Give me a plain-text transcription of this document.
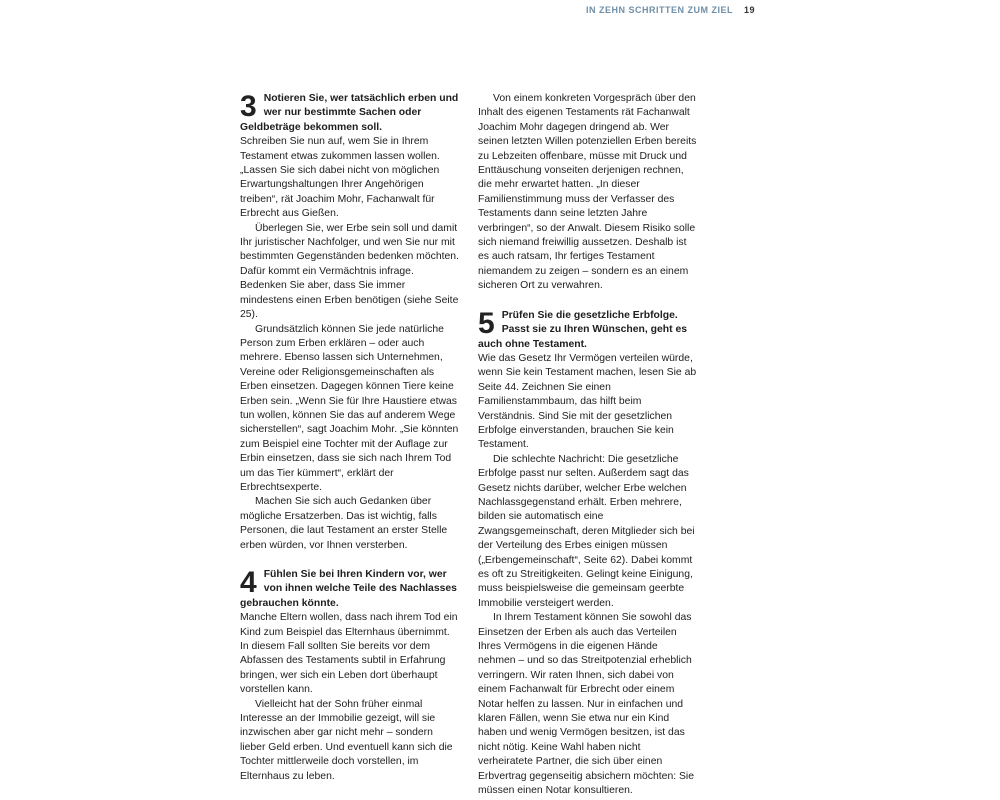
IN ZEHN SCHRITTEN ZUM ZIEL 19

3 Notieren Sie, wer tatsächlich erben und wer nur bestimmte Sachen oder Geldbeträge bekommen soll.

Schreiben Sie nun auf, wem Sie in Ihrem Testament etwas zukommen lassen wollen. „Lassen Sie sich dabei nicht von möglichen Erwartungshaltungen Ihrer Angehörigen treiben“, rät Joachim Mohr, Fachanwalt für Erbrecht aus Gießen.

Überlegen Sie, wer Erbe sein soll und damit Ihr juristischer Nachfolger, und wen Sie nur mit bestimmten Gegenständen bedenken möchten. Dafür kommt ein Vermächtnis infrage. Bedenken Sie aber, dass Sie immer mindestens einen Erben benötigen (siehe Seite 25).

Grundsätzlich können Sie jede natürliche Person zum Erben erklären – oder auch mehrere. Ebenso lassen sich Unternehmen, Vereine oder Religionsgemeinschaften als Erben einsetzen. Dagegen können Tiere keine Erben sein. „Wenn Sie für Ihre Haustiere etwas tun wollen, können Sie das auf anderem Wege sicherstellen“, sagt Joachim Mohr. „Sie könnten zum Beispiel eine Tochter mit der Auflage zur Erbin einsetzen, dass sie sich nach Ihrem Tod um das Tier kümmert“, erklärt der Erbrechtsexperte.

Machen Sie sich auch Gedanken über mögliche Ersatzerben. Das ist wichtig, falls Personen, die laut Testament an erster Stelle erben würden, vor Ihnen versterben.

4 Fühlen Sie bei Ihren Kindern vor, wer von ihnen welche Teile des Nachlasses gebrauchen könnte.

Manche Eltern wollen, dass nach ihrem Tod ein Kind zum Beispiel das Elternhaus übernimmt. In diesem Fall sollten Sie bereits vor dem Abfassen des Testaments subtil in Erfahrung bringen, wer sich ein Leben dort überhaupt vorstellen kann.

Vielleicht hat der Sohn früher einmal Interesse an der Immobilie gezeigt, will sie inzwischen aber gar nicht mehr – sondern lieber Geld erben. Und eventuell kann sich die Tochter mittlerweile doch vorstellen, im Elternhaus zu leben.

Von einem konkreten Vorgespräch über den Inhalt des eigenen Testaments rät Fachanwalt Joachim Mohr dagegen dringend ab. Wer seinen letzten Willen potenziellen Erben bereits zu Lebzeiten offenbare, müsse mit Druck und Enttäuschung vonseiten derjenigen rechnen, die mehr erwartet hatten. „In dieser Familienstimmung muss der Verfasser des Testaments dann seine letzten Jahre verbringen“, so der Anwalt. Diesem Risiko solle sich niemand freiwillig aussetzen. Deshalb ist es auch ratsam, Ihr fertiges Testament niemandem zu zeigen – sondern es an einem sicheren Ort zu verwahren.

5 Prüfen Sie die gesetzliche Erbfolge. Passt sie zu Ihren Wünschen, geht es auch ohne Testament.

Wie das Gesetz Ihr Vermögen verteilen würde, wenn Sie kein Testament machen, lesen Sie ab Seite 44. Zeichnen Sie einen Familienstammbaum, das hilft beim Verständnis. Sind Sie mit der gesetzlichen Erbfolge einverstanden, brauchen Sie kein Testament.

Die schlechte Nachricht: Die gesetzliche Erbfolge passt nur selten. Außerdem sagt das Gesetz nichts darüber, welcher Erbe welchen Nachlassgegenstand erhält. Erben mehrere, bilden sie automatisch eine Zwangsgemeinschaft, deren Mitglieder sich bei der Verteilung des Erbes einigen müssen („Erbengemeinschaft“, Seite 62). Dabei kommt es oft zu Streitigkeiten. Gelingt keine Einigung, muss beispielsweise die gemeinsam geerbte Immobilie versteigert werden.

In Ihrem Testament können Sie sowohl das Einsetzen der Erben als auch das Verteilen Ihres Vermögens in die eigenen Hände nehmen – und so das Streitpotenzial erheblich verringern. Wir raten Ihnen, sich dabei von einem Fachanwalt für Erbrecht oder einem Notar helfen zu lassen. Nur in einfachen und klaren Fällen, wenn Sie etwa nur ein Kind haben und wenig Vermögen besitzen, ist das nicht nötig. Keine Wahl haben nicht verheiratete Partner, die sich über einen Erbvertrag gegenseitig absichern möchten: Sie müssen einen Notar konsultieren.
